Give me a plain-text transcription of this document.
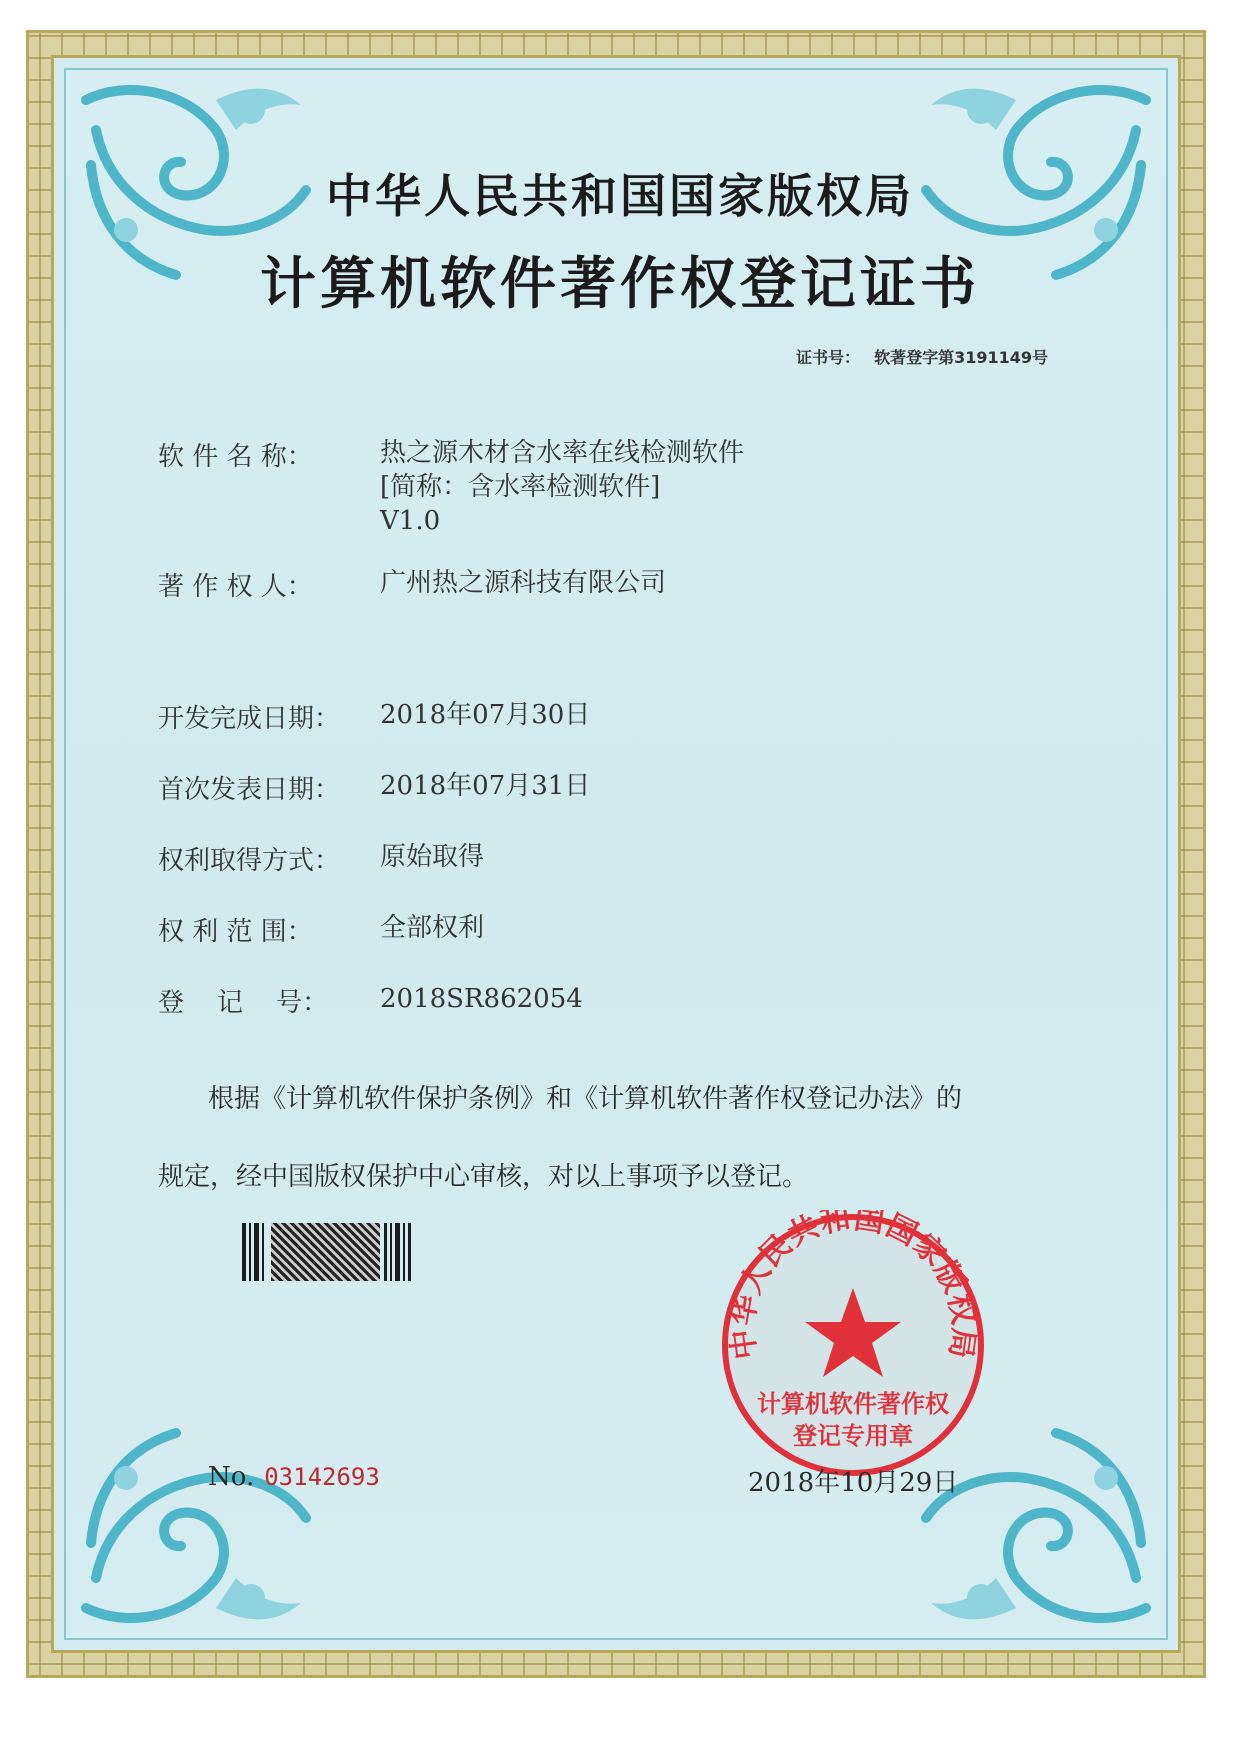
中华人民共和国国家版权局
计算机软件著作权登记证书
证书号： 软著登字第3191149号
软 件 名 称：	热之源木材含水率在线检测软件
[简称：含水率检测软件]
V1.0
著 作 权 人：	广州热之源科技有限公司
开发完成日期：	2018年07月30日
首次发表日期：	2018年07月31日
权利取得方式：	原始取得
权 利 范 围：	全部权利
登    记    号：	2018SR862054
根据《计算机软件保护条例》和《计算机软件著作权登记办法》的
规定，经中国版权保护中心审核，对以上事项予以登记。
No. 03142693
中华人民共和国国家版权局
计算机软件著作权
登记专用章
2018年10月29日
